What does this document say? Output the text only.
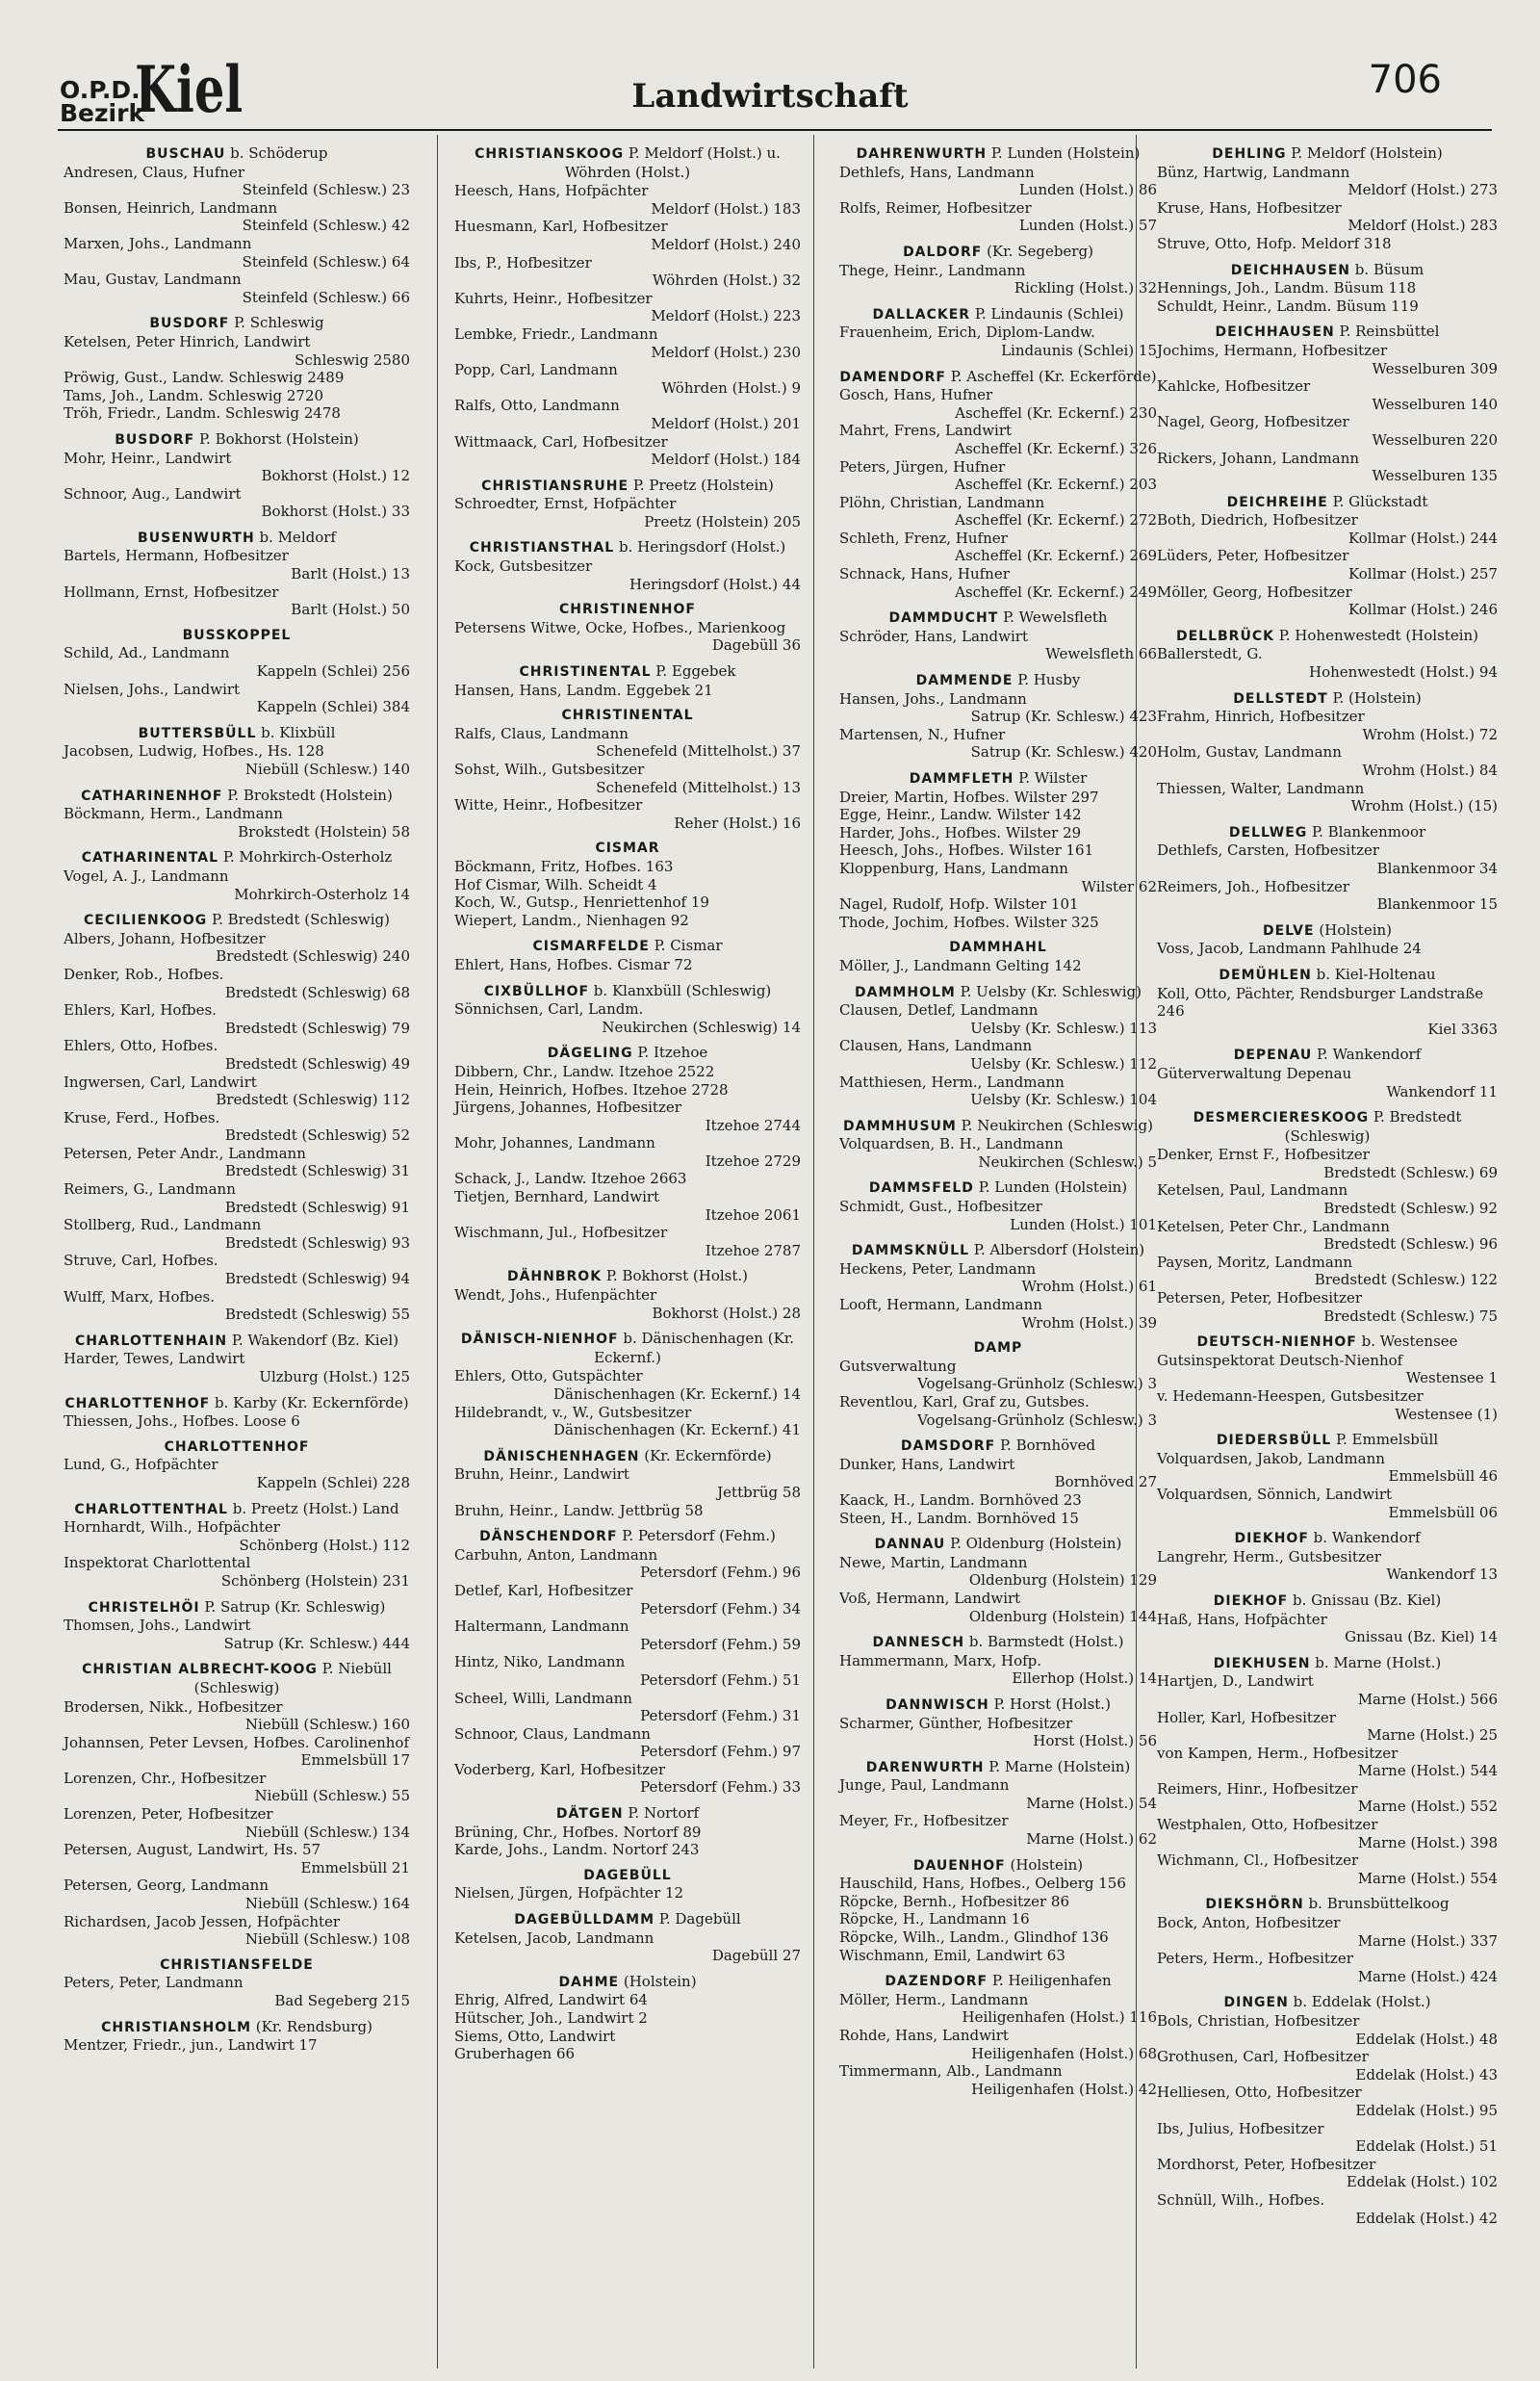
O.P.D.
Bezirk
Kiel	Landwirtschaft	706
BUSCHAU b. Schöderup
Andresen, Claus, Hufner
Steinfeld (Schlesw.) 23
Bonsen, Heinrich, Landmann
Steinfeld (Schlesw.) 42
Marxen, Johs., Landmann
Steinfeld (Schlesw.) 64
Mau, Gustav, Landmann
Steinfeld (Schlesw.) 66
BUSDORF P. Schleswig
Ketelsen, Peter Hinrich, Landwirt
Schleswig 2580
Pröwig, Gust., Landw. Schleswig 2489
Tams, Joh., Landm. Schleswig 2720
Tröh, Friedr., Landm. Schleswig 2478
BUSDORF P. Bokhorst (Holstein)
Mohr, Heinr., Landwirt
Bokhorst (Holst.) 12
Schnoor, Aug., Landwirt
Bokhorst (Holst.) 33
BUSENWURTH b. Meldorf
Bartels, Hermann, Hofbesitzer
Barlt (Holst.) 13
Hollmann, Ernst, Hofbesitzer
Barlt (Holst.) 50
BUSSKOPPEL
Schild, Ad., Landmann
Kappeln (Schlei) 256
Nielsen, Johs., Landwirt
Kappeln (Schlei) 384
BUTTERSBÜLL b. Klixbüll
Jacobsen, Ludwig, Hofbes., Hs. 128
Niebüll (Schlesw.) 140
CATHARINENHOF P. Brokstedt (Holstein)
Böckmann, Herm., Landmann
Brokstedt (Holstein) 58
CATHARINENTAL P. Mohrkirch-Osterholz
Vogel, A. J., Landmann
Mohrkirch-Osterholz 14
CECILIENKOOG P. Bredstedt (Schleswig)
Albers, Johann, Hofbesitzer
Bredstedt (Schleswig) 240
Denker, Rob., Hofbes.
Bredstedt (Schleswig) 68
Ehlers, Karl, Hofbes.
Bredstedt (Schleswig) 79
Ehlers, Otto, Hofbes.
Bredstedt (Schleswig) 49
Ingwersen, Carl, Landwirt
Bredstedt (Schleswig) 112
Kruse, Ferd., Hofbes.
Bredstedt (Schleswig) 52
Petersen, Peter Andr., Landmann
Bredstedt (Schleswig) 31
Reimers, G., Landmann
Bredstedt (Schleswig) 91
Stollberg, Rud., Landmann
Bredstedt (Schleswig) 93
Struve, Carl, Hofbes.
Bredstedt (Schleswig) 94
Wulff, Marx, Hofbes.
Bredstedt (Schleswig) 55
CHARLOTTENHAIN P. Wakendorf (Bz. Kiel)
Harder, Tewes, Landwirt
Ulzburg (Holst.) 125
CHARLOTTENHOF b. Karby (Kr. Eckernförde)
Thiessen, Johs., Hofbes. Loose 6
CHARLOTTENHOF
Lund, G., Hofpächter
Kappeln (Schlei) 228
CHARLOTTENTHAL b. Preetz (Holst.) Land
Hornhardt, Wilh., Hofpächter
Schönberg (Holst.) 112
Inspektorat Charlottental
Schönberg (Holstein) 231
CHRISTELHÖI P. Satrup (Kr. Schleswig)
Thomsen, Johs., Landwirt
Satrup (Kr. Schlesw.) 444
CHRISTIAN ALBRECHT-KOOG P. Niebüll (Schleswig)
Brodersen, Nikk., Hofbesitzer
Niebüll (Schlesw.) 160
Johannsen, Peter Levsen, Hofbes. Carolinenhof
Emmelsbüll 17
Lorenzen, Chr., Hofbesitzer
Niebüll (Schlesw.) 55
Lorenzen, Peter, Hofbesitzer
Niebüll (Schlesw.) 134
Petersen, August, Landwirt, Hs. 57
Emmelsbüll 21
Petersen, Georg, Landmann
Niebüll (Schlesw.) 164
Richardsen, Jacob Jessen, Hofpächter
Niebüll (Schlesw.) 108
CHRISTIANSFELDE
Peters, Peter, Landmann
Bad Segeberg 215
CHRISTIANSHOLM (Kr. Rendsburg)
Mentzer, Friedr., jun., Landwirt 17
CHRISTIANSKOOG P. Meldorf (Holst.) u. Wöhrden (Holst.)
Heesch, Hans, Hofpächter
Meldorf (Holst.) 183
Huesmann, Karl, Hofbesitzer
Meldorf (Holst.) 240
Ibs, P., Hofbesitzer
Wöhrden (Holst.) 32
Kuhrts, Heinr., Hofbesitzer
Meldorf (Holst.) 223
Lembke, Friedr., Landmann
Meldorf (Holst.) 230
Popp, Carl, Landmann
Wöhrden (Holst.) 9
Ralfs, Otto, Landmann
Meldorf (Holst.) 201
Wittmaack, Carl, Hofbesitzer
Meldorf (Holst.) 184
CHRISTIANSRUHE P. Preetz (Holstein)
Schroedter, Ernst, Hofpächter
Preetz (Holstein) 205
CHRISTIANSTHAL b. Heringsdorf (Holst.)
Kock, Gutsbesitzer
Heringsdorf (Holst.) 44
CHRISTINENHOF
Petersens Witwe, Ocke, Hofbes., Marienkoog
Dagebüll 36
CHRISTINENTAL P. Eggebek
Hansen, Hans, Landm. Eggebek 21
CHRISTINENTAL
Ralfs, Claus, Landmann
Schenefeld (Mittelholst.) 37
Sohst, Wilh., Gutsbesitzer
Schenefeld (Mittelholst.) 13
Witte, Heinr., Hofbesitzer
Reher (Holst.) 16
CISMAR
Böckmann, Fritz, Hofbes. 163
Hof Cismar, Wilh. Scheidt 4
Koch, W., Gutsp., Henriettenhof 19
Wiepert, Landm., Nienhagen 92
CISMARFELDE P. Cismar
Ehlert, Hans, Hofbes. Cismar 72
CIXBÜLLHOF b. Klanxbüll (Schleswig)
Sönnichsen, Carl, Landm.
Neukirchen (Schleswig) 14
DÄGELING P. Itzehoe
Dibbern, Chr., Landw. Itzehoe 2522
Hein, Heinrich, Hofbes. Itzehoe 2728
Jürgens, Johannes, Hofbesitzer
Itzehoe 2744
Mohr, Johannes, Landmann
Itzehoe 2729
Schack, J., Landw. Itzehoe 2663
Tietjen, Bernhard, Landwirt
Itzehoe 2061
Wischmann, Jul., Hofbesitzer
Itzehoe 2787
DÄHNBROK P. Bokhorst (Holst.)
Wendt, Johs., Hufenpächter
Bokhorst (Holst.) 28
DÄNISCH-NIENHOF b. Dänischenhagen (Kr. Eckernf.)
Ehlers, Otto, Gutspächter
Dänischenhagen (Kr. Eckernf.) 14
Hildebrandt, v., W., Gutsbesitzer
Dänischenhagen (Kr. Eckernf.) 41
DÄNISCHENHAGEN (Kr. Eckernförde)
Bruhn, Heinr., Landwirt
Jettbrüg 58
Bruhn, Heinr., Landw. Jettbrüg 58
DÄNSCHENDORF P. Petersdorf (Fehm.)
Carbuhn, Anton, Landmann
Petersdorf (Fehm.) 96
Detlef, Karl, Hofbesitzer
Petersdorf (Fehm.) 34
Haltermann, Landmann
Petersdorf (Fehm.) 59
Hintz, Niko, Landmann
Petersdorf (Fehm.) 51
Scheel, Willi, Landmann
Petersdorf (Fehm.) 31
Schnoor, Claus, Landmann
Petersdorf (Fehm.) 97
Voderberg, Karl, Hofbesitzer
Petersdorf (Fehm.) 33
DÄTGEN P. Nortorf
Brüning, Chr., Hofbes. Nortorf 89
Karde, Johs., Landm. Nortorf 243
DAGEBÜLL
Nielsen, Jürgen, Hofpächter 12
DAGEBÜLLDAMM P. Dagebüll
Ketelsen, Jacob, Landmann
Dagebüll 27
DAHME (Holstein)
Ehrig, Alfred, Landwirt 64
Hütscher, Joh., Landwirt 2
Siems, Otto, Landwirt
Gruberhagen 66
DAHRENWURTH P. Lunden (Holstein)
Dethlefs, Hans, Landmann
Lunden (Holst.) 86
Rolfs, Reimer, Hofbesitzer
Lunden (Holst.) 57
DALDORF (Kr. Segeberg)
Thege, Heinr., Landmann
Rickling (Holst.) 32
DALLACKER P. Lindaunis (Schlei)
Frauenheim, Erich, Diplom-Landw.
Lindaunis (Schlei) 15
DAMENDORF P. Ascheffel (Kr. Eckerförde)
Gosch, Hans, Hufner
Ascheffel (Kr. Eckernf.) 230
Mahrt, Frens, Landwirt
Ascheffel (Kr. Eckernf.) 326
Peters, Jürgen, Hufner
Ascheffel (Kr. Eckernf.) 203
Plöhn, Christian, Landmann
Ascheffel (Kr. Eckernf.) 272
Schleth, Frenz, Hufner
Ascheffel (Kr. Eckernf.) 269
Schnack, Hans, Hufner
Ascheffel (Kr. Eckernf.) 249
DAMMDUCHT P. Wewelsfleth
Schröder, Hans, Landwirt
Wewelsfleth 66
DAMMENDE P. Husby
Hansen, Johs., Landmann
Satrup (Kr. Schlesw.) 423
Martensen, N., Hufner
Satrup (Kr. Schlesw.) 420
DAMMFLETH P. Wilster
Dreier, Martin, Hofbes. Wilster 297
Egge, Heinr., Landw. Wilster 142
Harder, Johs., Hofbes. Wilster 29
Heesch, Johs., Hofbes. Wilster 161
Kloppenburg, Hans, Landmann
Wilster 62
Nagel, Rudolf, Hofp. Wilster 101
Thode, Jochim, Hofbes. Wilster 325
DAMMHAHL
Möller, J., Landmann Gelting 142
DAMMHOLM P. Uelsby (Kr. Schleswig)
Clausen, Detlef, Landmann
Uelsby (Kr. Schlesw.) 113
Clausen, Hans, Landmann
Uelsby (Kr. Schlesw.) 112
Matthiesen, Herm., Landmann
Uelsby (Kr. Schlesw.) 104
DAMMHUSUM P. Neukirchen (Schleswig)
Volquardsen, B. H., Landmann
Neukirchen (Schlesw.) 5
DAMMSFELD P. Lunden (Holstein)
Schmidt, Gust., Hofbesitzer
Lunden (Holst.) 101
DAMMSKNÜLL P. Albersdorf (Holstein)
Heckens, Peter, Landmann
Wrohm (Holst.) 61
Looft, Hermann, Landmann
Wrohm (Holst.) 39
DAMP
Gutsverwaltung
Vogelsang-Grünholz (Schlesw.) 3
Reventlou, Karl, Graf zu, Gutsbes.
Vogelsang-Grünholz (Schlesw.) 3
DAMSDORF P. Bornhöved
Dunker, Hans, Landwirt
Bornhöved 27
Kaack, H., Landm. Bornhöved 23
Steen, H., Landm. Bornhöved 15
DANNAU P. Oldenburg (Holstein)
Newe, Martin, Landmann
Oldenburg (Holstein) 129
Voß, Hermann, Landwirt
Oldenburg (Holstein) 144
DANNESCH b. Barmstedt (Holst.)
Hammermann, Marx, Hofp.
Ellerhop (Holst.) 14
DANNWISCH P. Horst (Holst.)
Scharmer, Günther, Hofbesitzer
Horst (Holst.) 56
DARENWURTH P. Marne (Holstein)
Junge, Paul, Landmann
Marne (Holst.) 54
Meyer, Fr., Hofbesitzer
Marne (Holst.) 62
DAUENHOF (Holstein)
Hauschild, Hans, Hofbes., Oelberg 156
Röpcke, Bernh., Hofbesitzer 86
Röpcke, H., Landmann 16
Röpcke, Wilh., Landm., Glindhof 136
Wischmann, Emil, Landwirt 63
DAZENDORF P. Heiligenhafen
Möller, Herm., Landmann
Heiligenhafen (Holst.) 116
Rohde, Hans, Landwirt
Heiligenhafen (Holst.) 68
Timmermann, Alb., Landmann
Heiligenhafen (Holst.) 42
DEHLING P. Meldorf (Holstein)
Bünz, Hartwig, Landmann
Meldorf (Holst.) 273
Kruse, Hans, Hofbesitzer
Meldorf (Holst.) 283
Struve, Otto, Hofp. Meldorf 318
DEICHHAUSEN b. Büsum
Hennings, Joh., Landm. Büsum 118
Schuldt, Heinr., Landm. Büsum 119
DEICHHAUSEN P. Reinsbüttel
Jochims, Hermann, Hofbesitzer
Wesselburen 309
Kahlcke, Hofbesitzer
Wesselburen 140
Nagel, Georg, Hofbesitzer
Wesselburen 220
Rickers, Johann, Landmann
Wesselburen 135
DEICHREIHE P. Glückstadt
Both, Diedrich, Hofbesitzer
Kollmar (Holst.) 244
Lüders, Peter, Hofbesitzer
Kollmar (Holst.) 257
Möller, Georg, Hofbesitzer
Kollmar (Holst.) 246
DELLBRÜCK P. Hohenwestedt (Holstein)
Ballerstedt, G.
Hohenwestedt (Holst.) 94
DELLSTEDT P. (Holstein)
Frahm, Hinrich, Hofbesitzer
Wrohm (Holst.) 72
Holm, Gustav, Landmann
Wrohm (Holst.) 84
Thiessen, Walter, Landmann
Wrohm (Holst.) (15)
DELLWEG P. Blankenmoor
Dethlefs, Carsten, Hofbesitzer
Blankenmoor 34
Reimers, Joh., Hofbesitzer
Blankenmoor 15
DELVE (Holstein)
Voss, Jacob, Landmann Pahlhude 24
DEMÜHLEN b. Kiel-Holtenau
Koll, Otto, Pächter, Rendsburger Landstraße 246
Kiel 3363
DEPENAU P. Wankendorf
Güterverwaltung Depenau
Wankendorf 11
DESMERCIERESKOOG P. Bredstedt (Schleswig)
Denker, Ernst F., Hofbesitzer
Bredstedt (Schlesw.) 69
Ketelsen, Paul, Landmann
Bredstedt (Schlesw.) 92
Ketelsen, Peter Chr., Landmann
Bredstedt (Schlesw.) 96
Paysen, Moritz, Landmann
Bredstedt (Schlesw.) 122
Petersen, Peter, Hofbesitzer
Bredstedt (Schlesw.) 75
DEUTSCH-NIENHOF b. Westensee
Gutsinspektorat Deutsch-Nienhof
Westensee 1
v. Hedemann-Heespen, Gutsbesitzer
Westensee (1)
DIEDERSBÜLL P. Emmelsbüll
Volquardsen, Jakob, Landmann
Emmelsbüll 46
Volquardsen, Sönnich, Landwirt
Emmelsbüll 06
DIEKHOF b. Wankendorf
Langrehr, Herm., Gutsbesitzer
Wankendorf 13
DIEKHOF b. Gnissau (Bz. Kiel)
Haß, Hans, Hofpächter
Gnissau (Bz. Kiel) 14
DIEKHUSEN b. Marne (Holst.)
Hartjen, D., Landwirt
Marne (Holst.) 566
Holler, Karl, Hofbesitzer
Marne (Holst.) 25
von Kampen, Herm., Hofbesitzer
Marne (Holst.) 544
Reimers, Hinr., Hofbesitzer
Marne (Holst.) 552
Westphalen, Otto, Hofbesitzer
Marne (Holst.) 398
Wichmann, Cl., Hofbesitzer
Marne (Holst.) 554
DIEKSHÖRN b. Brunsbüttelkoog
Bock, Anton, Hofbesitzer
Marne (Holst.) 337
Peters, Herm., Hofbesitzer
Marne (Holst.) 424
DINGEN b. Eddelak (Holst.)
Bols, Christian, Hofbesitzer
Eddelak (Holst.) 48
Grothusen, Carl, Hofbesitzer
Eddelak (Holst.) 43
Helliesen, Otto, Hofbesitzer
Eddelak (Holst.) 95
Ibs, Julius, Hofbesitzer
Eddelak (Holst.) 51
Mordhorst, Peter, Hofbesitzer
Eddelak (Holst.) 102
Schnüll, Wilh., Hofbes.
Eddelak (Holst.) 42
